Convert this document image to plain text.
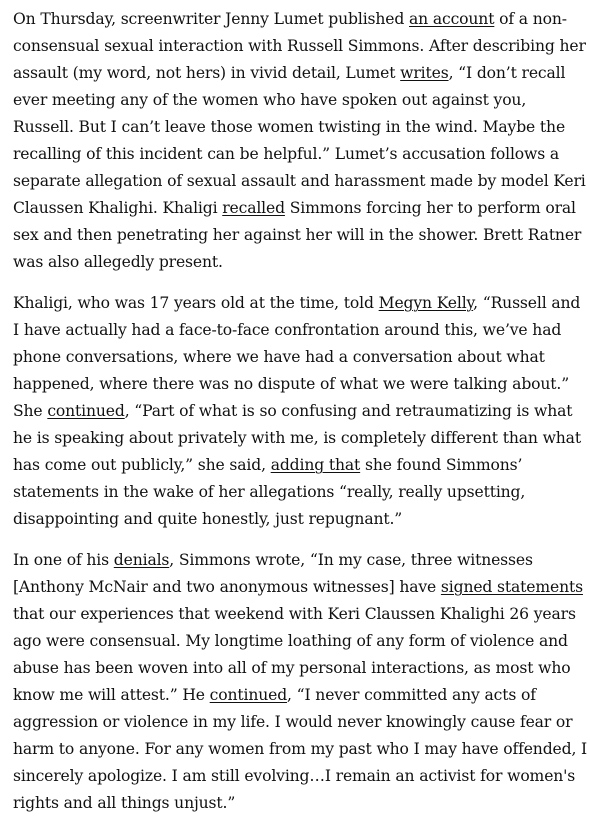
On Thursday, screenwriter Jenny Lumet published an account of a non-consensual sexual interaction with Russell Simmons. After describing her assault (my word, not hers) in vivid detail, Lumet writes, “I don’t recall ever meeting any of the women who have spoken out against you, Russell. But I can’t leave those women twisting in the wind. Maybe the recalling of this incident can be helpful.” Lumet’s accusation follows a separate allegation of sexual assault and harassment made by model Keri Claussen Khalighi. Khaligi recalled Simmons forcing her to perform oral sex and then penetrating her against her will in the shower. Brett Ratner was also allegedly present.

Khaligi, who was 17 years old at the time, told Megyn Kelly, “Russell and I have actually had a face-to-face confrontation around this, we’ve had phone conversations, where we have had a conversation about what happened, where there was no dispute of what we were talking about.” She continued, “Part of what is so confusing and retraumatizing is what he is speaking about privately with me, is completely different than what has come out publicly,” she said, adding that she found Simmons’ statements in the wake of her allegations “really, really upsetting, disappointing and quite honestly, just repugnant.”

In one of his denials, Simmons wrote, “In my case, three witnesses [Anthony McNair and two anonymous witnesses] have signed statements that our experiences that weekend with Keri Claussen Khalighi 26 years ago were consensual. My longtime loathing of any form of violence and abuse has been woven into all of my personal interactions, as most who know me will attest.” He continued, “I never committed any acts of aggression or violence in my life. I would never knowingly cause fear or harm to anyone. For any women from my past who I may have offended, I sincerely apologize. I am still evolving…I remain an activist for women's rights and all things unjust.”
